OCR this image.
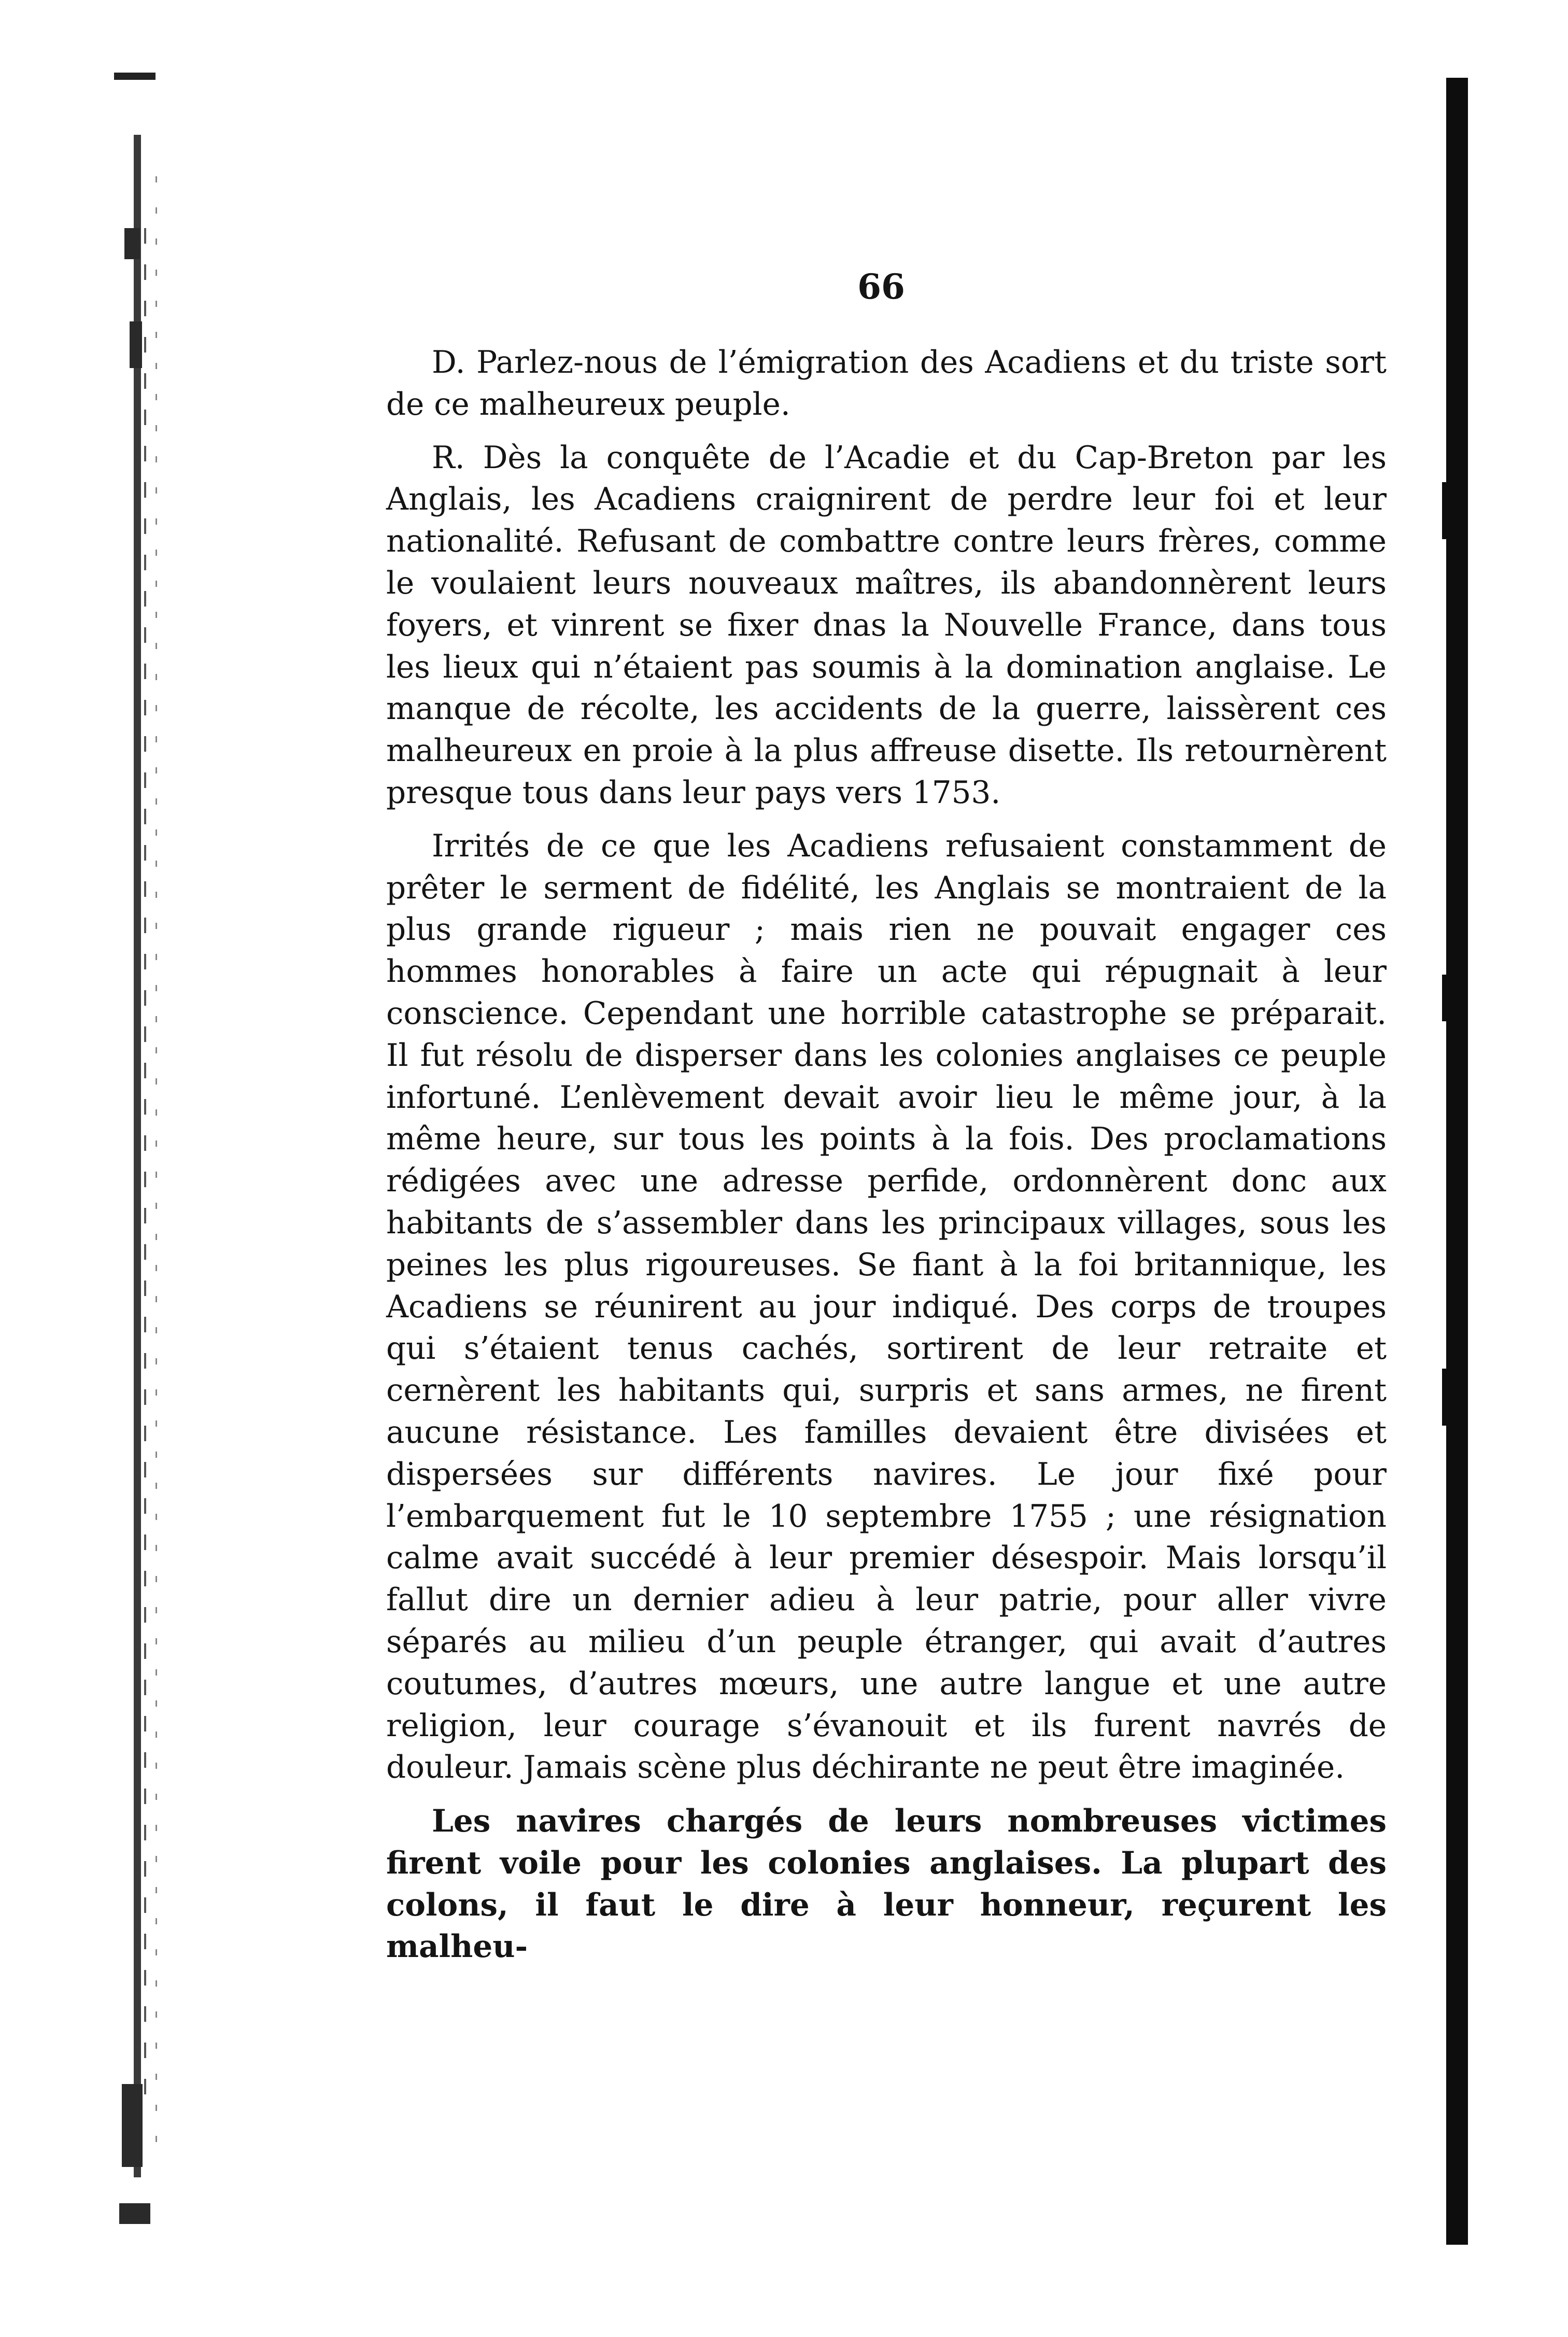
66

D. Parlez-nous de l’émigration des Acadiens et du triste sort de ce malheureux peuple.

R. Dès la conquête de l’Acadie et du Cap-Breton par les Anglais, les Acadiens craignirent de perdre leur foi et leur nationalité. Refusant de combattre contre leurs frères, comme le voulaient leurs nouveaux maîtres, ils abandonnèrent leurs foyers, et vinrent se fixer dnas la Nouvelle France, dans tous les lieux qui n’étaient pas soumis à la domination anglaise. Le manque de récolte, les accidents de la guerre, laissèrent ces malheureux en proie à la plus affreuse disette. Ils retournèrent presque tous dans leur pays vers 1753.

Irrités de ce que les Acadiens refusaient constamment de prêter le serment de fidélité, les Anglais se montraient de la plus grande rigueur ; mais rien ne pouvait engager ces hommes honorables à faire un acte qui répugnait à leur conscience. Cependant une horrible catastrophe se préparait. Il fut résolu de disperser dans les colonies anglaises ce peuple infortuné. L’enlèvement devait avoir lieu le même jour, à la même heure, sur tous les points à la fois. Des proclamations rédigées avec une adresse perfide, ordonnèrent donc aux habitants de s’assembler dans les principaux villages, sous les peines les plus rigoureuses. Se fiant à la foi britannique, les Acadiens se réunirent au jour indiqué. Des corps de troupes qui s’étaient tenus cachés, sortirent de leur retraite et cernèrent les habitants qui, surpris et sans armes, ne firent aucune résistance. Les familles devaient être divisées et dispersées sur différents navires. Le jour fixé pour l’embarquement fut le 10 septembre 1755 ; une résignation calme avait succédé à leur premier désespoir. Mais lorsqu’il fallut dire un dernier adieu à leur patrie, pour aller vivre séparés au milieu d’un peuple étranger, qui avait d’autres coutumes, d’autres mœurs, une autre langue et une autre religion, leur courage s’évanouit et ils furent navrés de douleur. Jamais scène plus déchirante ne peut être imaginée.

Les navires chargés de leurs nombreuses victimes firent voile pour les colonies anglaises. La plupart des colons, il faut le dire à leur honneur, reçurent les malheu-
